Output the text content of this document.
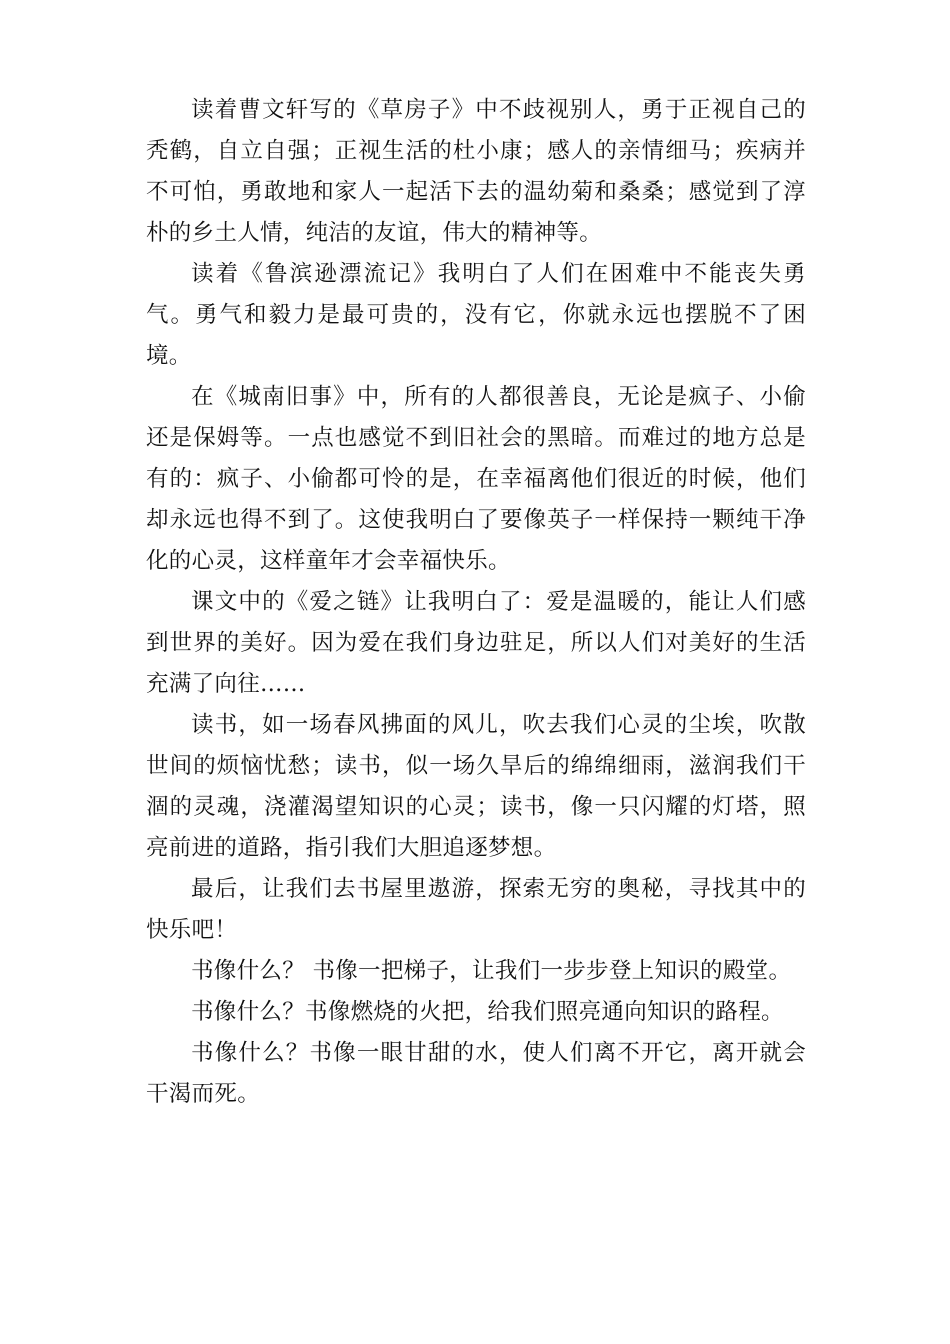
读着曹文轩写的《草房子》中不歧视别人，勇于正视自己的秃鹤，自立自强；正视生活的杜小康；感人的亲情细马；疾病并不可怕，勇敢地和家人一起活下去的温幼菊和桑桑；感觉到了淳朴的乡土人情，纯洁的友谊，伟大的精神等。

读着《鲁滨逊漂流记》我明白了人们在困难中不能丧失勇气。勇气和毅力是最可贵的，没有它，你就永远也摆脱不了困境。

在《城南旧事》中，所有的人都很善良，无论是疯子、小偷还是保姆等。一点也感觉不到旧社会的黑暗。而难过的地方总是有的：疯子、小偷都可怜的是，在幸福离他们很近的时候，他们却永远也得不到了。这使我明白了要像英子一样保持一颗纯干净化的心灵，这样童年才会幸福快乐。

课文中的《爱之链》让我明白了：爱是温暖的，能让人们感到世界的美好。因为爱在我们身边驻足，所以人们对美好的生活充满了向往……

读书，如一场春风拂面的风儿，吹去我们心灵的尘埃，吹散世间的烦恼忧愁；读书，似一场久旱后的绵绵细雨，滋润我们干涸的灵魂，浇灌渴望知识的心灵；读书，像一只闪耀的灯塔，照亮前进的道路，指引我们大胆追逐梦想。

最后，让我们去书屋里遨游，探索无穷的奥秘，寻找其中的快乐吧！

书像什么？ 书像一把梯子，让我们一步步登上知识的殿堂。

书像什么？书像燃烧的火把，给我们照亮通向知识的路程。

书像什么？书像一眼甘甜的水，使人们离不开它，离开就会干渴而死。
